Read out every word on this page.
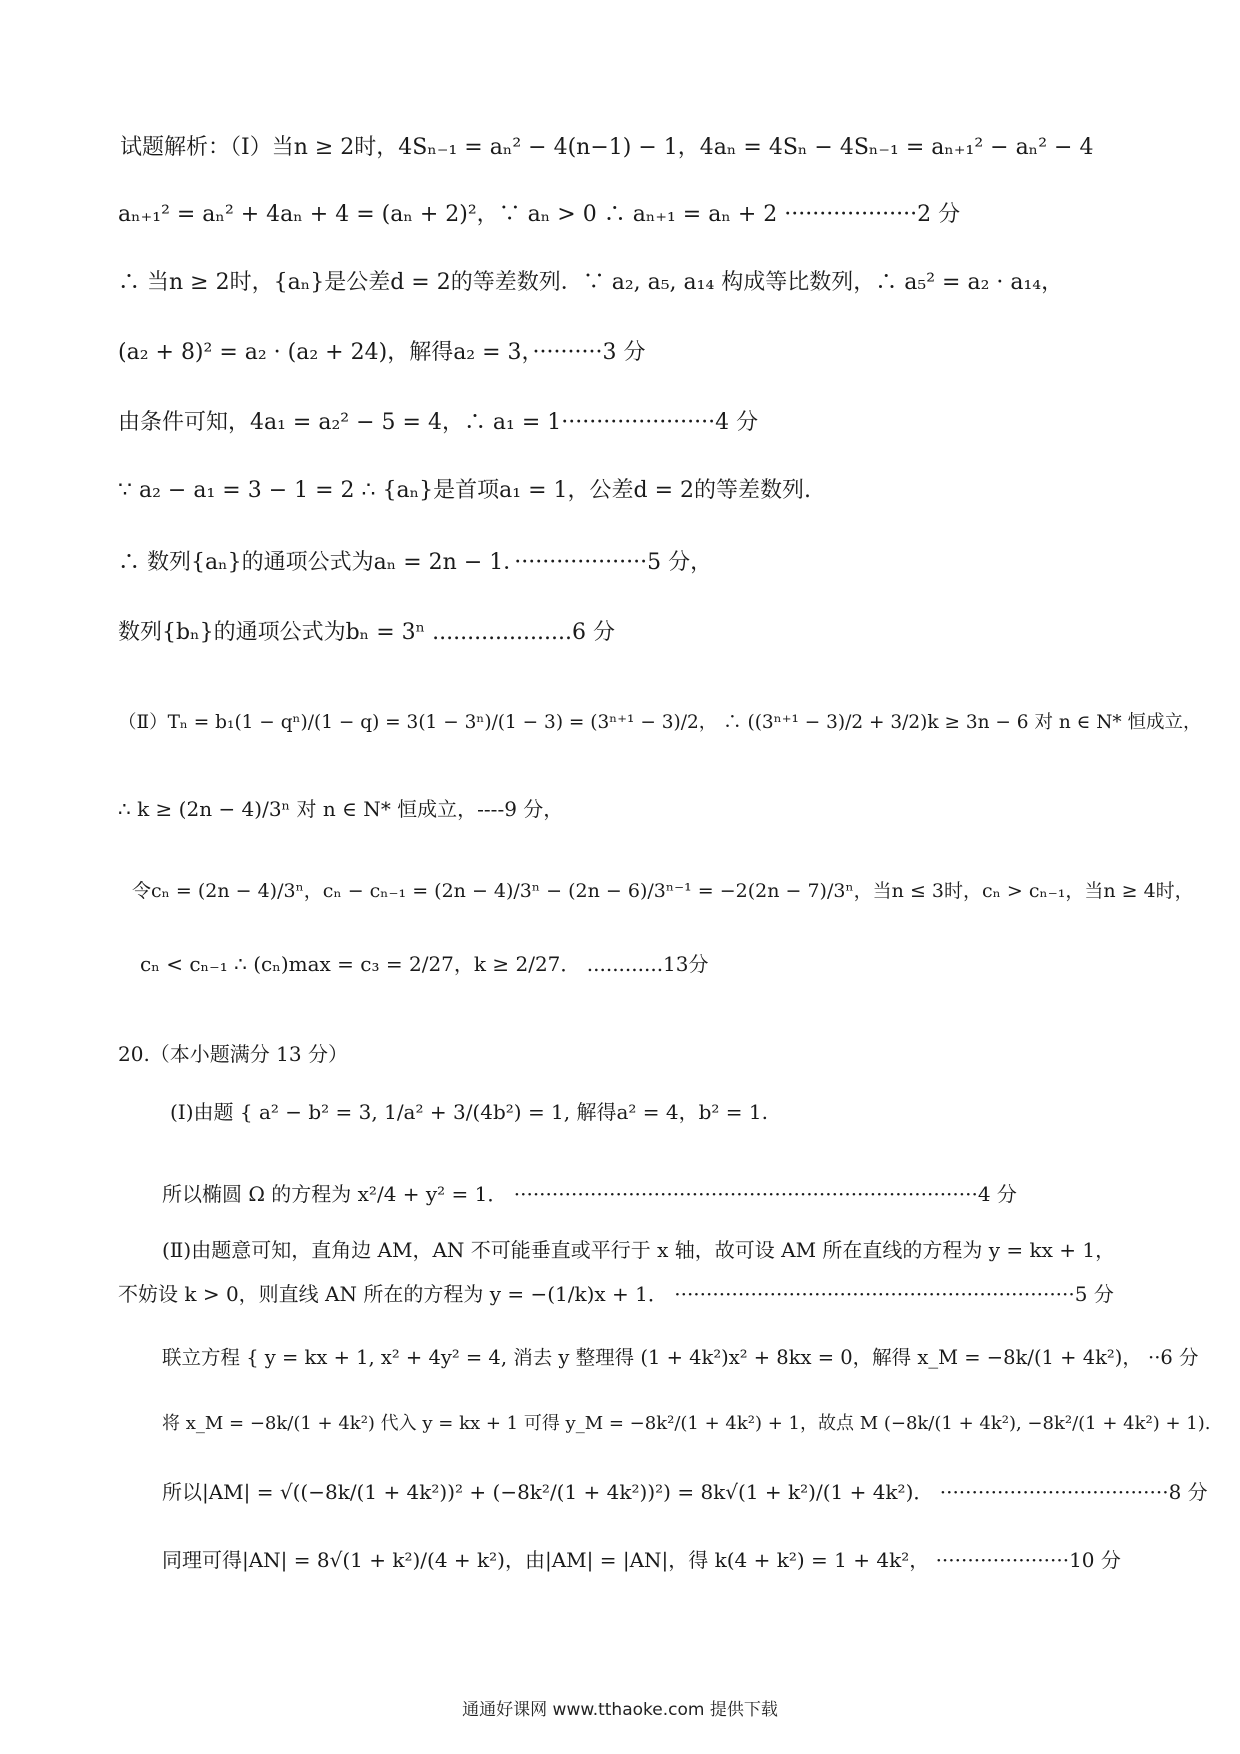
试题解析：（Ⅰ）当n ≥ 2时，4Sₙ₋₁ = aₙ² − 4(n−1) − 1，4aₙ = 4Sₙ − 4Sₙ₋₁ = aₙ₊₁² − aₙ² − 4
aₙ₊₁² = aₙ² + 4aₙ + 4 = (aₙ + 2)²，∵ aₙ > 0 ∴ aₙ₊₁ = aₙ + 2 ···················2 分
∴ 当n ≥ 2时，{aₙ}是公差d = 2的等差数列．∵ a₂, a₅, a₁₄ 构成等比数列，∴ a₅² = a₂ · a₁₄，
(a₂ + 8)² = a₂ · (a₂ + 24)，解得a₂ = 3，··········3 分
由条件可知，4a₁ = a₂² − 5 = 4，∴ a₁ = 1······················4 分
∵ a₂ − a₁ = 3 − 1 = 2 ∴ {aₙ}是首项a₁ = 1，公差d = 2的等差数列.
∴ 数列{aₙ}的通项公式为aₙ = 2n − 1．···················5 分，
数列{bₙ}的通项公式为bₙ = 3ⁿ ....................6 分
（Ⅱ）Tₙ = b₁(1 − qⁿ)/(1 − q) = 3(1 − 3ⁿ)/(1 − 3) = (3ⁿ⁺¹ − 3)/2， ∴ ((3ⁿ⁺¹ − 3)/2 + 3/2)k ≥ 3n − 6 对 n ∈ N* 恒成立，
∴ k ≥ (2n − 4)/3ⁿ 对 n ∈ N* 恒成立，----9 分，
令cₙ = (2n − 4)/3ⁿ，cₙ − cₙ₋₁ = (2n − 4)/3ⁿ − (2n − 6)/3ⁿ⁻¹ = −2(2n − 7)/3ⁿ，当n ≤ 3时，cₙ > cₙ₋₁，当n ≥ 4时，
cₙ < cₙ₋₁ ∴ (cₙ)max = c₃ = 2/27，k ≥ 2/27． ............13分
20.（本小题满分 13 分）
(Ⅰ)由题 { a² − b² = 3, 1/a² + 3/(4b²) = 1, 解得a² = 4，b² = 1.
所以椭圆 Ω 的方程为 x²/4 + y² = 1． ·········································································4 分
(Ⅱ)由题意可知，直角边 AM，AN 不可能垂直或平行于 x 轴，故可设 AM 所在直线的方程为 y = kx + 1，
不妨设 k > 0，则直线 AN 所在的方程为 y = −(1/k)x + 1． ·······························································5 分
联立方程 { y = kx + 1, x² + 4y² = 4, 消去 y 整理得 (1 + 4k²)x² + 8kx = 0，解得 x_M = −8k/(1 + 4k²)， ··6 分
将 x_M = −8k/(1 + 4k²) 代入 y = kx + 1 可得 y_M = −8k²/(1 + 4k²) + 1，故点 M (−8k/(1 + 4k²), −8k²/(1 + 4k²) + 1).
所以|AM| = √((−8k/(1 + 4k²))² + (−8k²/(1 + 4k²))²) = 8k√(1 + k²)/(1 + 4k²)． ····································8 分
同理可得|AN| = 8√(1 + k²)/(4 + k²)，由|AM| = |AN|，得 k(4 + k²) = 1 + 4k²， ·····················10 分
通通好课网 www.tthaoke.com 提供下载
